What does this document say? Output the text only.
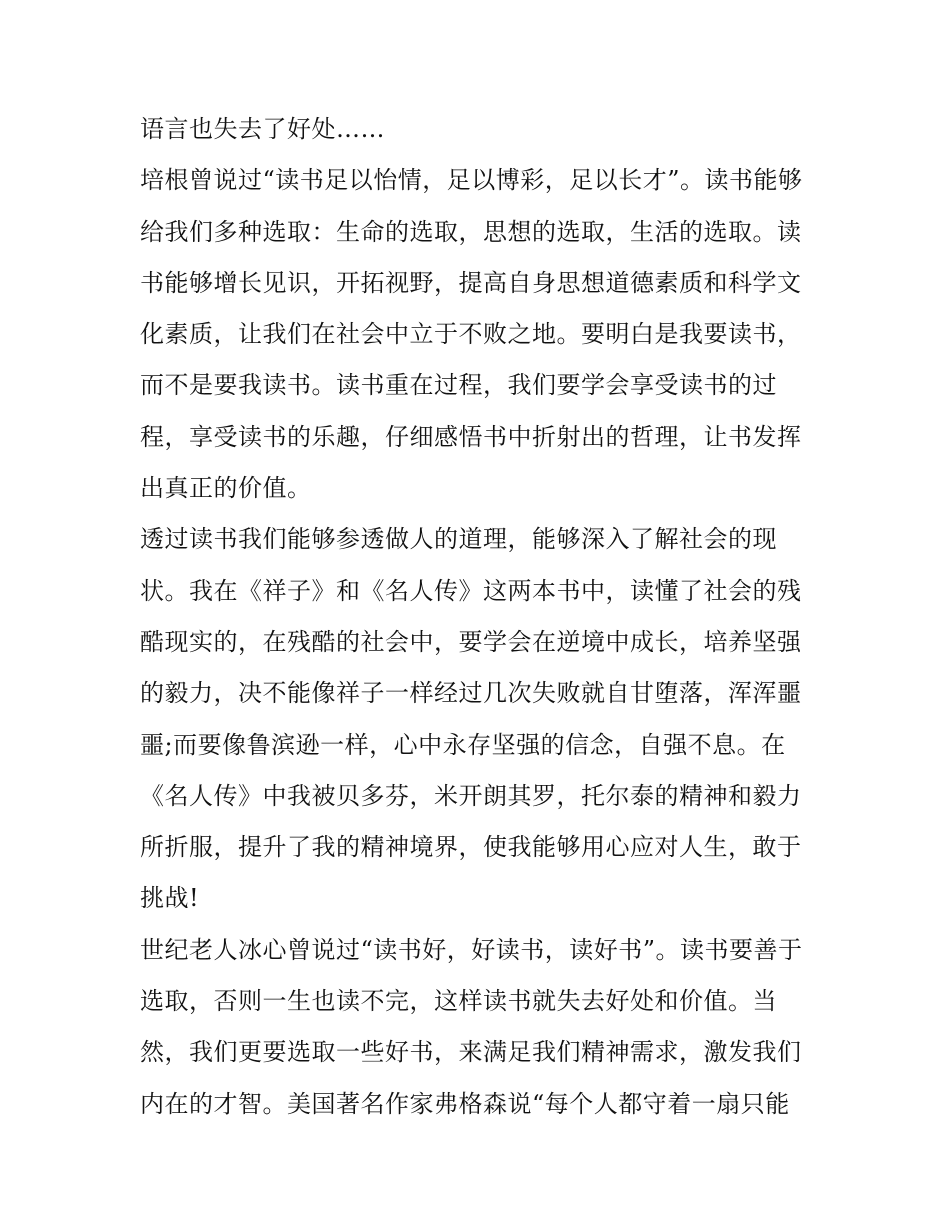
语言也失去了好处……
培根曾说过“读书足以怡情，足以博彩，足以长才”。读书能够
给我们多种选取：生命的选取，思想的选取，生活的选取。读
书能够增长见识，开拓视野，提高自身思想道德素质和科学文
化素质，让我们在社会中立于不败之地。要明白是我要读书，
而不是要我读书。读书重在过程，我们要学会享受读书的过
程，享受读书的乐趣，仔细感悟书中折射出的哲理，让书发挥
出真正的价值。
透过读书我们能够参透做人的道理，能够深入了解社会的现
状。我在《祥子》和《名人传》这两本书中，读懂了社会的残
酷现实的，在残酷的社会中，要学会在逆境中成长，培养坚强
的毅力，决不能像祥子一样经过几次失败就自甘堕落，浑浑噩
噩;而要像鲁滨逊一样，心中永存坚强的信念，自强不息。在
《名人传》中我被贝多芬，米开朗其罗，托尔泰的精神和毅力
所折服，提升了我的精神境界，使我能够用心应对人生，敢于
挑战!
世纪老人冰心曾说过“读书好，好读书，读好书”。读书要善于
选取，否则一生也读不完，这样读书就失去好处和价值。当
然，我们更要选取一些好书，来满足我们精神需求，激发我们
内在的才智。美国著名作家弗格森说“每个人都守着一扇只能
